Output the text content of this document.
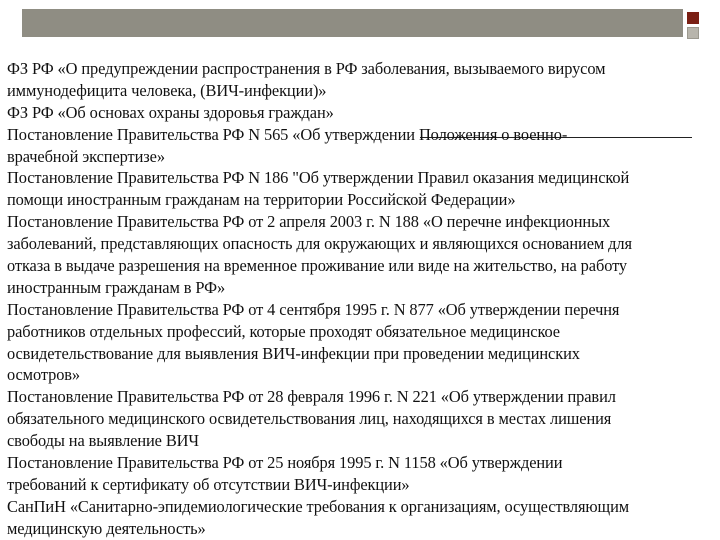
ФЗ РФ «О предупреждении распространения в РФ заболевания, вызываемого вирусом
иммунодефицита человека, (ВИЧ-инфекции)»
ФЗ РФ «Об основах охраны здоровья граждан»
Постановление Правительства РФ N 565 «Об утверждении Положения о военно-
врачебной экспертизе»
Постановление Правительства РФ N 186 "Об утверждении Правил оказания медицинской
помощи иностранным гражданам на территории Российской Федерации»
Постановление Правительства РФ от 2 апреля 2003 г. N 188 «О перечне инфекционных
заболеваний, представляющих опасность для окружающих и являющихся основанием для
отказа в выдаче разрешения на временное проживание или виде на жительство, на работу
иностранным гражданам в РФ»
Постановление Правительства РФ от 4 сентября 1995 г. N 877 «Об утверждении перечня
работников отдельных профессий, которые проходят обязательное медицинское
освидетельствование для выявления ВИЧ-инфекции при проведении медицинских
осмотров»
Постановление Правительства РФ от 28 февраля 1996 г. N 221 «Об утверждении правил
обязательного медицинского освидетельствования лиц, находящихся в местах лишения
свободы на выявление ВИЧ
Постановление Правительства РФ от 25 ноября 1995 г. N 1158 «Об утверждении
требований к сертификату об отсутствии ВИЧ-инфекции»
СанПиН «Санитарно-эпидемиологические требования к организациям, осуществляющим
медицинскую деятельность»
